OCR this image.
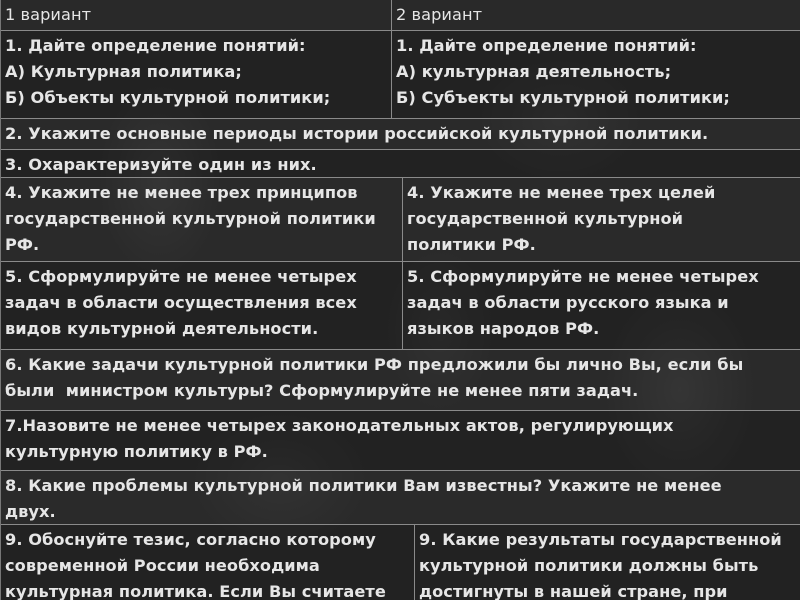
1 вариант	2 вариант
1. Дайте определение понятий:
А) Культурная политика;
Б) Объекты культурной политики;
1. Дайте определение понятий:
А) культурная деятельность;
Б) Субъекты культурной политики;
2. Укажите основные периоды истории российской культурной политики.
3. Охарактеризуйте один из них.
4. Укажите не менее трех принципов
государственной культурной политики
РФ.
4. Укажите не менее трех целей
государственной культурной
политики РФ.
5. Сформулируйте не менее четырех
задач в области осуществления всех
видов культурной деятельности.
5. Сформулируйте не менее четырех
задач в области русского языка и
языков народов РФ.
6. Какие задачи культурной политики РФ предложили бы лично Вы, если бы
были  министром культуры? Сформулируйте не менее пяти задач.
7.Назовите не менее четырех законодательных актов, регулирующих
культурную политику в РФ.
8. Какие проблемы культурной политики Вам известны? Укажите не менее
двух.
9. Обоснуйте тезис, согласно которому
современной России необходима
культурная политика. Если Вы считаете
9. Какие результаты государственной
культурной политики должны быть
достигнуты в нашей стране, при
